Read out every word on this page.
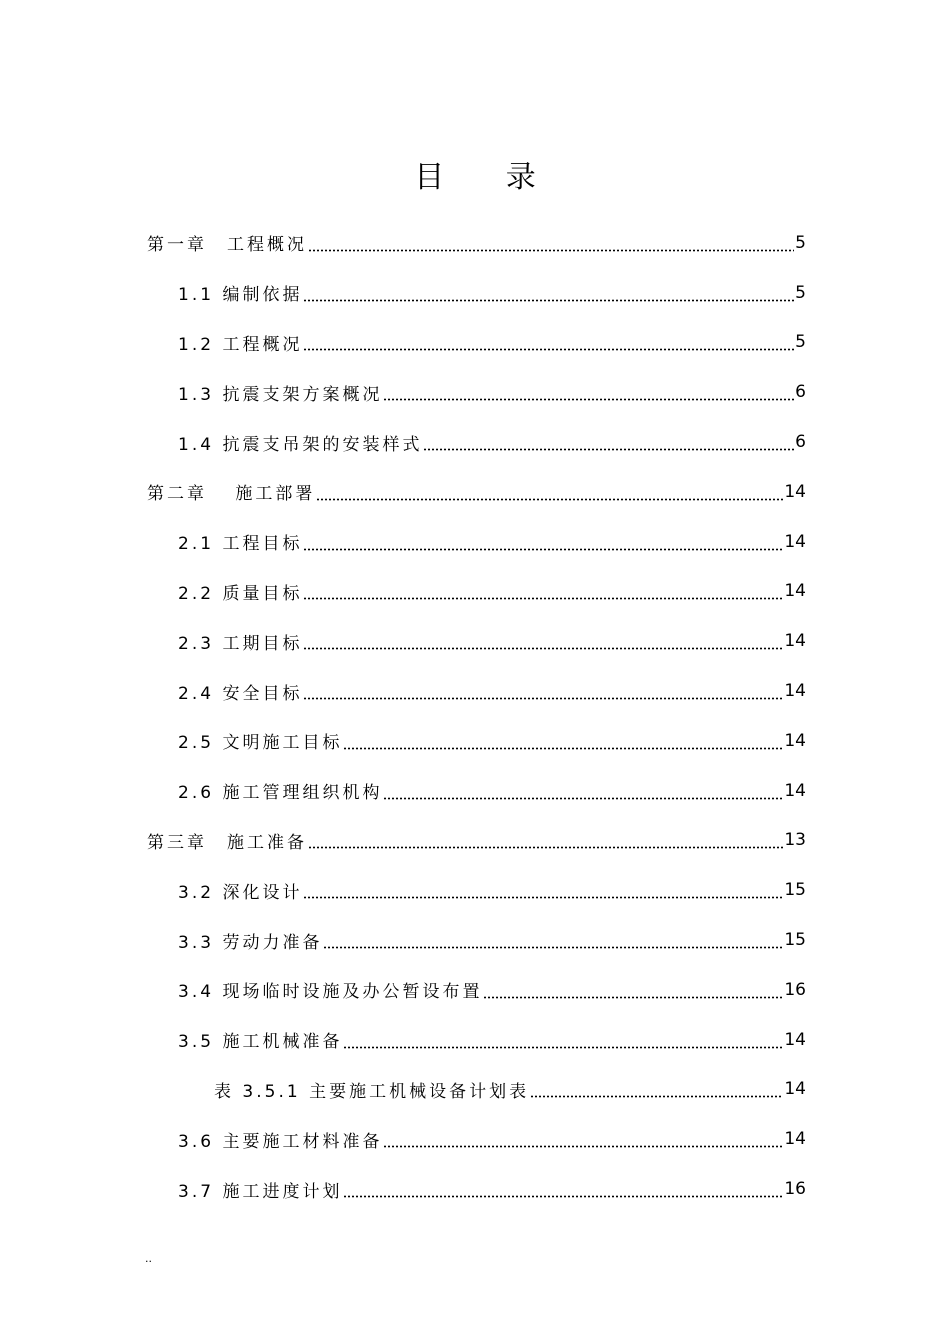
目 录
第一章　工程概况	5
1.1 编制依据	5
1.2 工程概况	5
1.3 抗震支架方案概况	6
1.4 抗震支吊架的安装样式	6
第二章　 施工部署	14
2.1 工程目标	14
2.2 质量目标	14
2.3 工期目标	14
2.4 安全目标	14
2.5 文明施工目标	14
2.6 施工管理组织机构	14
第三章　施工准备	13
3.2 深化设计	15
3.3 劳动力准备	15
3.4 现场临时设施及办公暂设布置	16
3.5 施工机械准备	14
表 3.5.1 主要施工机械设备计划表	14
3.6 主要施工材料准备	14
3.7 施工进度计划	16
..
